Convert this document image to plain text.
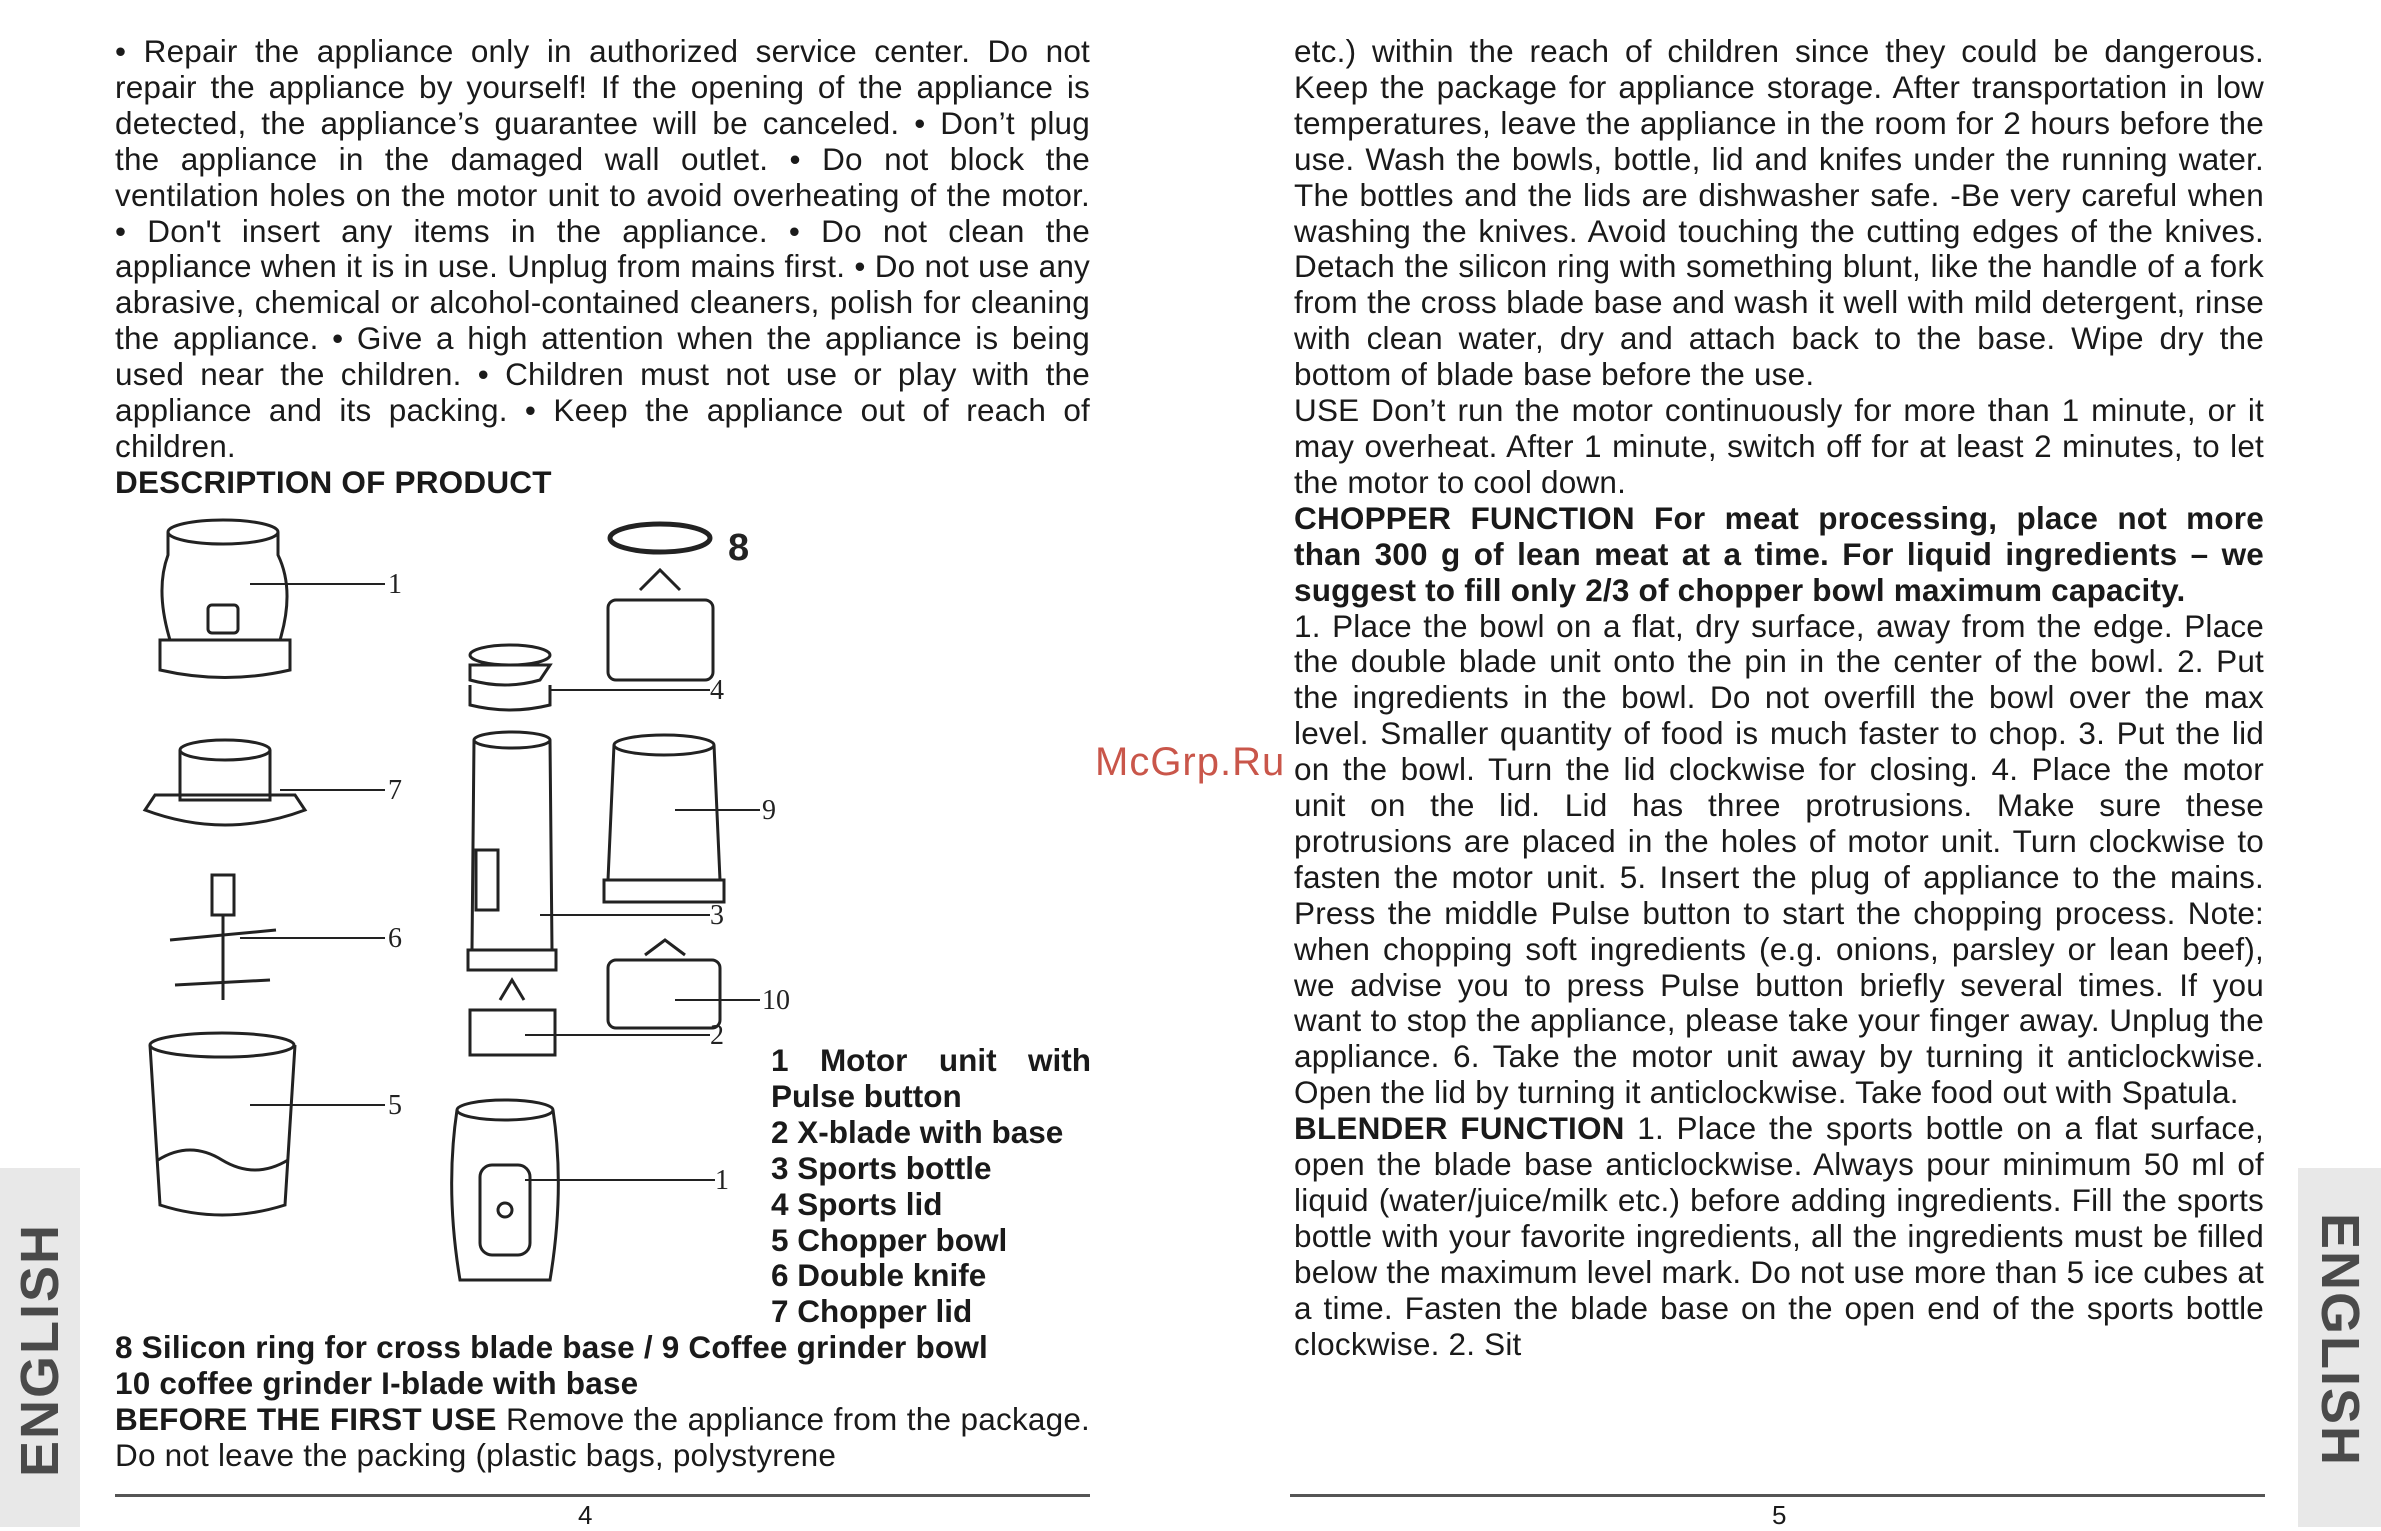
• Repair the appliance only in authorized service center. Do not repair the appliance by yourself! If the opening of the appliance is detected, the appliance’s guarantee will be canceled. • Don’t plug the appliance in the damaged wall outlet. • Do not block the ventilation holes on the motor unit to avoid overheating of the motor. • Don't insert any items in the appliance. • Do not clean the appliance when it is in use. Unplug from mains first. • Do not use any abrasive, chemical or alcohol-contained cleaners, polish for cleaning the appliance. • Give a high attention when the appliance is being used near the children. • Children must not use or play with the appliance and its packing. • Keep the appliance out of reach of children.

DESCRIPTION OF PRODUCT

1
7
6
5
4
3
2
1
8
9
10
1 Motor unit with Pulse button
2 X-blade with base
3 Sports bottle
4 Sports lid
5 Chopper bowl
6 Double knife
7 Chopper lid

8 Silicon ring for cross blade base / 9 Coffee grinder bowl

10 coffee grinder I-blade with base

BEFORE THE FIRST USE Remove the appliance from the package. Do not leave the packing (plastic bags, polystyrene

4
ENGLISH

etc.) within the reach of children since they could be dangerous. Keep the package for appliance storage. After transportation in low temperatures, leave the appliance in the room for 2 hours before the use. Wash the bowls, bottle, lid and knifes under the running water. The bottles and the lids are dishwasher safe. -Be very careful when washing the knives. Avoid touching the cutting edges of the knives. Detach the silicon ring with something blunt, like the handle of a fork from the cross blade base and wash it well with mild detergent, rinse with clean water, dry and attach back to the base. Wipe dry the bottom of blade base before the use.

USE Don’t run the motor continuously for more than 1 minute, or it may overheat. After 1 minute, switch off for at least 2 minutes, to let the motor to cool down.

CHOPPER FUNCTION For meat processing, place not more than 300 g of lean meat at a time. For liquid ingredients – we suggest to fill only 2/3 of chopper bowl maximum capacity.

1. Place the bowl on a flat, dry surface, away from the edge. Place the double blade unit onto the pin in the center of the bowl. 2. Put the ingredients in the bowl. Do not overfill the bowl over the max level. Smaller quantity of food is much faster to chop. 3. Put the lid on the bowl. Turn the lid clockwise for closing. 4. Place the motor unit on the lid. Lid has three protrusions. Make sure these protrusions are placed in the holes of motor unit. Turn clockwise to fasten the motor unit. 5. Insert the plug of appliance to the mains. Press the middle Pulse button to start the chopping process. Note: when chopping soft ingredients (e.g. onions, parsley or lean beef), we advise you to press Pulse button briefly several times. If you want to stop the appliance, please take your finger away. Unplug the appliance. 6. Take the motor unit away by turning it anticlockwise. Open the lid by turning it anticlockwise. Take food out with Spatula.

BLENDER FUNCTION 1. Place the sports bottle on a flat surface, open the blade base anticlockwise. Always pour minimum 50 ml of liquid (water/juice/milk etc.) before adding ingredients. Fill the sports bottle with your favorite ingredients, all the ingredients must be filled below the maximum level mark. Do not use more than 5 ice cubes at a time. Fasten the blade base on the open end of the sports bottle clockwise. 2. Sit

5
ENGLISH
McGrp.Ru
